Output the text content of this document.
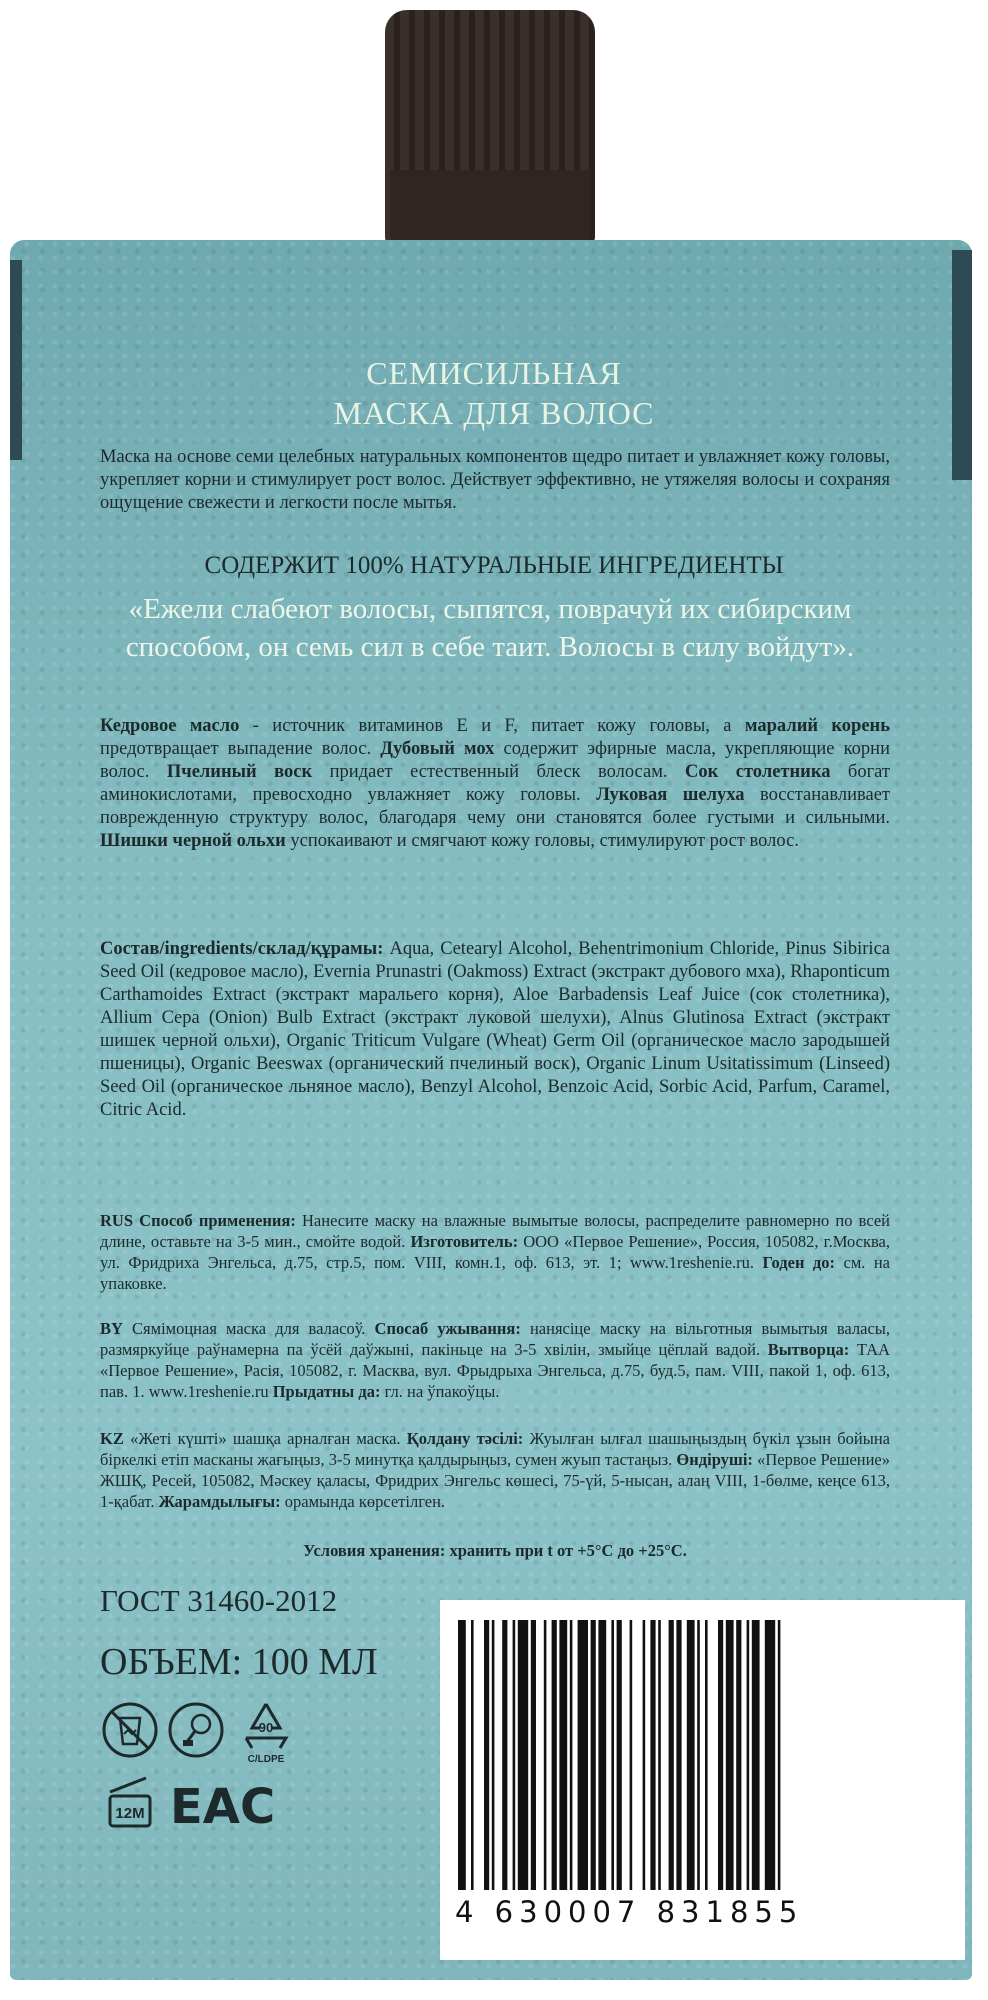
СЕМИСИЛЬНАЯ
МАСКА ДЛЯ ВОЛОС
Маска на основе семи целебных натуральных компонентов щедро питает и увлажняет кожу головы, укрепляет корни и стимулирует рост волос. Действует эффективно, не утяжеляя волосы и сохраняя ощущение свежести и легкости после мытья.
СОДЕРЖИТ 100% НАТУРАЛЬНЫЕ ИНГРЕДИЕНТЫ
«Ежели слабеют волосы, сыпятся, поврачуй их сибирским способом, он семь сил в себе таит. Волосы в силу войдут».
Кедровое масло - источник витаминов E и F, питает кожу головы, а маралий корень предотвращает выпадение волос. Дубовый мох содержит эфирные масла, укрепляющие корни волос. Пчелиный воск придает естественный блеск волосам. Сок столетника богат аминокислотами, превосходно увлажняет кожу головы. Луковая шелуха восстанавливает поврежденную структуру волос, благодаря чему они становятся более густыми и сильными. Шишки черной ольхи успокаивают и смягчают кожу головы, стимулируют рост волос.
Состав/ingredients/склад/құрамы: Aqua, Cetearyl Alcohol, Behentrimonium Chloride, Pinus Sibirica Seed Oil (кедровое масло), Evernia Prunastri (Oakmoss) Extract (экстракт дубового мха), Rhaponticum Carthamoides Extract (экстракт маральего корня), Aloe Barbadensis Leaf Juice (сок столетника), Allium Cepa (Onion) Bulb Extract (экстракт луковой шелухи), Alnus Glutinosa Extract (экстракт шишек черной ольхи), Organic Triticum Vulgare (Wheat) Germ Oil (органическое масло зародышей пшеницы), Organic Beeswax (органический пчелиный воск), Organic Linum Usitatissimum (Linseed) Seed Oil (органическое льняное масло), Benzyl Alcohol, Benzoic Acid, Sorbic Acid, Parfum, Caramel, Citric Acid.
RUS Способ применения: Нанесите маску на влажные вымытые волосы, распределите равномерно по всей длине, оставьте на 3-5 мин., смойте водой. Изготовитель: ООО «Первое Решение», Россия, 105082, г.Москва, ул. Фридриха Энгельса, д.75, стр.5, пом. VIII, комн.1, оф. 613, эт. 1; www.1reshenie.ru. Годен до: см. на упаковке.
BY Сямімоцная маска для валасоў. Спосаб ужывання: нанясіце маску на вільготныя вымытыя валасы, размяркуйце раўнамерна па ўсёй даўжыні, пакіньце на 3-5 хвілін, змыйце цёплай вадой. Вытворца: ТАА «Первое Решение», Расія, 105082, г. Масква, вул. Фрыдрыха Энгельса, д.75, буд.5, пам. VIII, пакой 1, оф. 613, пав. 1. www.1reshenie.ru Прыдатны да: гл. на ўпакоўцы.
KZ «Жеті күшті» шашқа арналған маска. Қолдану тәсілі: Жуылған ылғал шашыңыздың бүкіл ұзын бойына біркелкі етіп масканы жағыңыз, 3-5 минутқа қалдырыңыз, сумен жуып тастаңыз. Өндіруші: «Первое Решение» ЖШҚ, Ресей, 105082, Мәскеу қаласы, Фридрих Энгельс көшесі, 75-үй, 5-нысан, алаң VIII, 1-бөлме, кеңсе 613, 1-қабат. Жарамдылығы: орамында көрсетілген.
Условия хранения: хранить при t от +5°C до +25°C.
ГОСТ 31460-2012
ОБЪЕМ: 100 МЛ
90
C/LDPE
12M ЕАС
4 630007 831855
